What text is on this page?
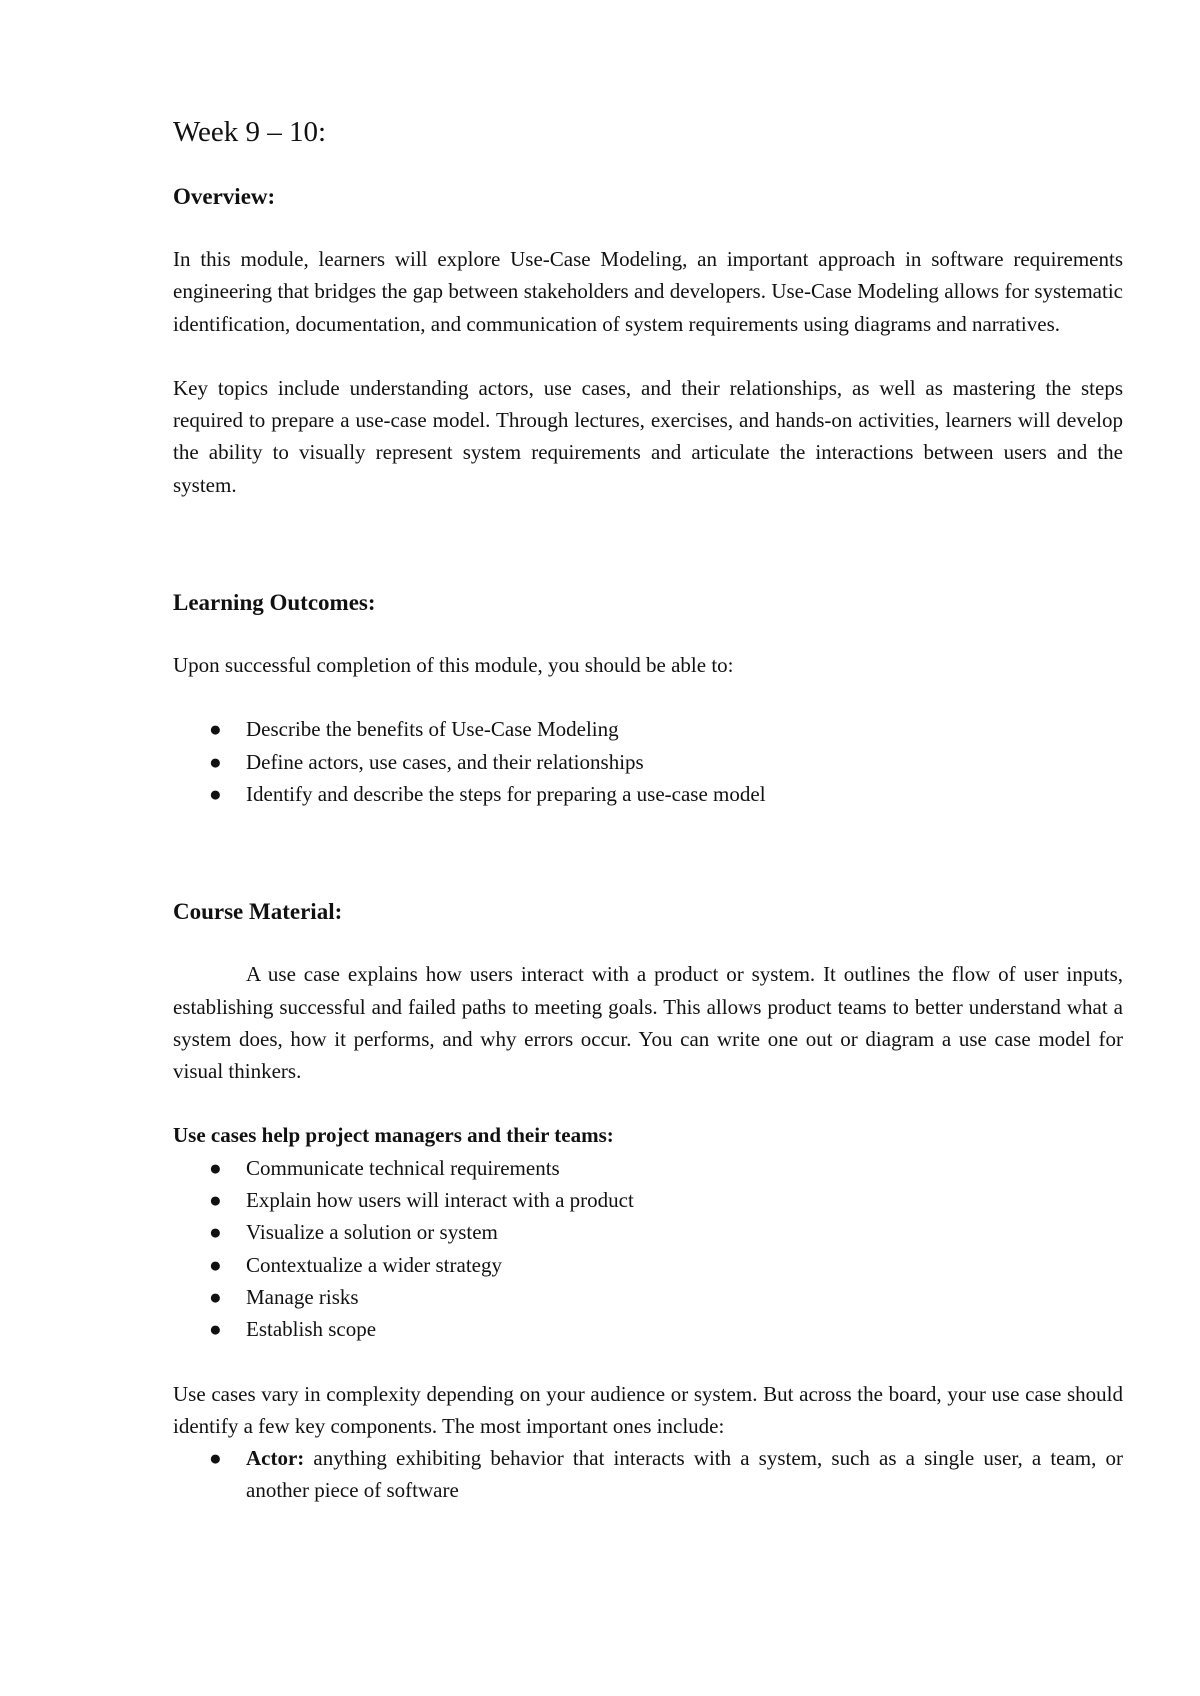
Week 9 – 10:
Overview:

In this module, learners will explore Use-Case Modeling, an important approach in software requirements engineering that bridges the gap between stakeholders and developers. Use-Case Modeling allows for systematic identification, documentation, and communication of system requirements using diagrams and narratives.

Key topics include understanding actors, use cases, and their relationships, as well as mastering the steps required to prepare a use-case model. Through lectures, exercises, and hands-on activities, learners will develop the ability to visually represent system requirements and articulate the interactions between users and the system.

Learning Outcomes:

Upon successful completion of this module, you should be able to:

● Describe the benefits of Use-Case Modeling
● Define actors, use cases, and their relationships
● Identify and describe the steps for preparing a use-case model
Course Material:

A use case explains how users interact with a product or system. It outlines the flow of user inputs, establishing successful and failed paths to meeting goals. This allows product teams to better understand what a system does, how it performs, and why errors occur. You can write one out or diagram a use case model for visual thinkers.

Use cases help project managers and their teams:

● Communicate technical requirements
● Explain how users will interact with a product
● Visualize a solution or system
● Contextualize a wider strategy
● Manage risks
● Establish scope

Use cases vary in complexity depending on your audience or system. But across the board, your use case should identify a few key components. The most important ones include:

● Actor: anything exhibiting behavior that interacts with a system, such as a single user, a team, or another piece of software
